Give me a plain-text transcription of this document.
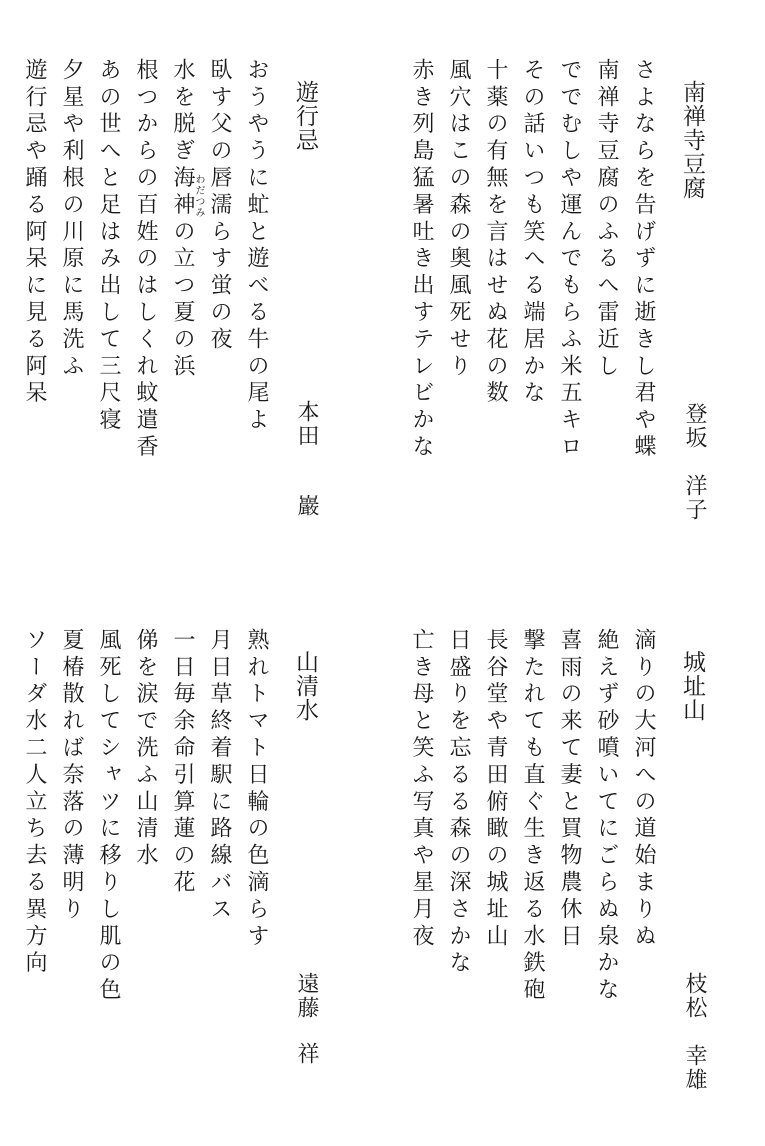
南禅寺豆腐
登坂洋子
さよならを告げずに逝きし君や蝶
南禅寺豆腐のふるへ雷近し
ででむしや運んでもらふ米五キロ
その話いつも笑へる端居かな
十薬の有無を言はせぬ花の数
風穴はこの森の奥風死せり
赤き列島猛暑吐き出すテレビかな
遊行忌
本田巖
おうやうに虻と遊べる牛の尾よ
臥す父の唇濡らす蛍の夜
水を脱ぎ海神の立つ夏の浜
わだつみ
根つからの百姓のはしくれ蚊遣香
あの世へと足はみ出して三尺寝
夕星や利根の川原に馬洗ふ
遊行忌や踊る阿呆に見る阿呆
城址山
枝松幸雄
滴りの大河への道始まりぬ
絶えず砂噴いてにごらぬ泉かな
喜雨の来て妻と買物農休日
撃たれても直ぐ生き返る水鉄砲
長谷堂や青田俯瞰の城址山
日盛りを忘るる森の深さかな
亡き母と笑ふ写真や星月夜
山清水
遠藤祥
熟れトマト日輪の色滴らす
月日草終着駅に路線バス
一日毎余命引算蓮の花
俤を涙で洗ふ山清水
風死してシャツに移りし肌の色
夏椿散れば奈落の薄明り
ソーダ水二人立ち去る異方向
